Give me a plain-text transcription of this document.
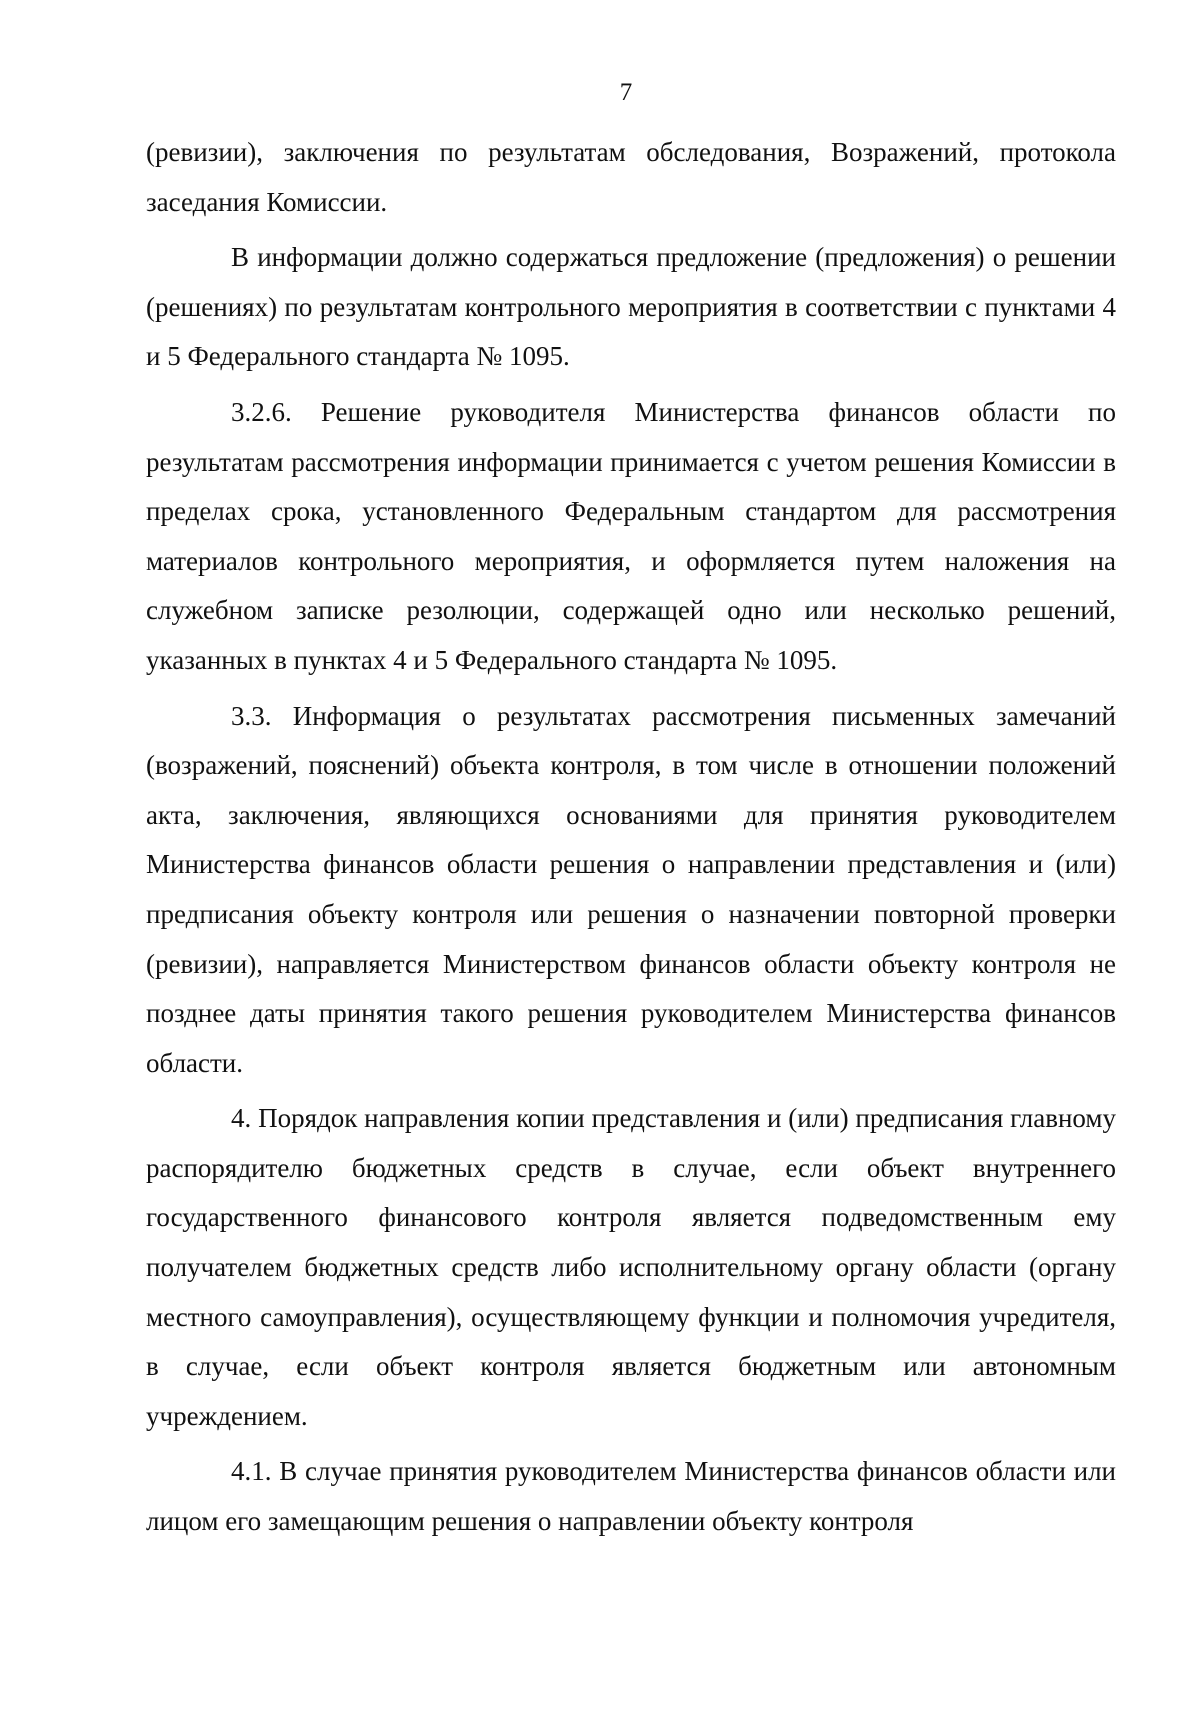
7

(ревизии), заключения по результатам обследования, Возражений, протокола заседания Комиссии.

В информации должно содержаться предложение (предложения) о решении (решениях) по результатам контрольного мероприятия в соответствии с пунктами 4 и 5 Федерального стандарта № 1095.

3.2.6. Решение руководителя Министерства финансов области по результатам рассмотрения информации принимается с учетом решения Комиссии в пределах срока, установленного Федеральным стандартом для рассмотрения материалов контрольного мероприятия, и оформляется путем наложения на служебном записке резолюции, содержащей одно или несколько решений, указанных в пунктах 4 и 5 Федерального стандарта № 1095.

3.3. Информация о результатах рассмотрения письменных замечаний (возражений, пояснений) объекта контроля, в том числе в отношении положений акта, заключения, являющихся основаниями для принятия руководителем Министерства финансов области решения о направлении представления и (или) предписания объекту контроля или решения о назначении повторной проверки (ревизии), направляется Министерством финансов области объекту контроля не позднее даты принятия такого решения руководителем Министерства финансов области.

4. Порядок направления копии представления и (или) предписания главному распорядителю бюджетных средств в случае, если объект внутреннего государственного финансового контроля является подведомственным ему получателем бюджетных средств либо исполнительному органу области (органу местного самоуправления), осуществляющему функции и полномочия учредителя, в случае, если объект контроля является бюджетным или автономным учреждением.

4.1. В случае принятия руководителем Министерства финансов области или лицом его замещающим решения о направлении объекту контроля
